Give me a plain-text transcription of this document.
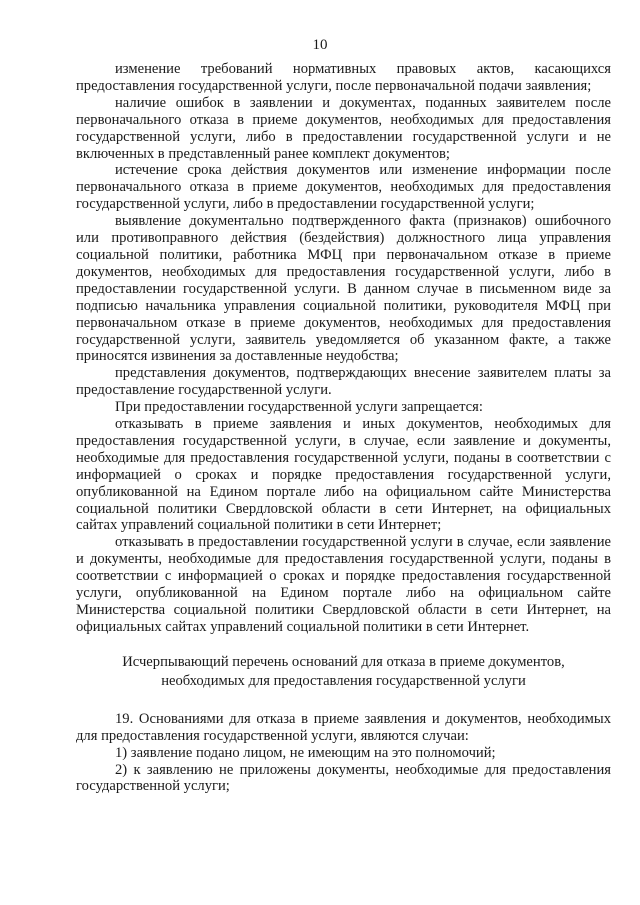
10

изменение требований нормативных правовых актов, касающихся предоставления государственной услуги, после первоначальной подачи заявления;

наличие ошибок в заявлении и документах, поданных заявителем после первоначального отказа в приеме документов, необходимых для предоставления государственной услуги, либо в предоставлении государственной услуги и не включенных в представленный ранее комплект документов;

истечение срока действия документов или изменение информации после первоначального отказа в приеме документов, необходимых для предоставления государственной услуги, либо в предоставлении государственной услуги;

выявление документально подтвержденного факта (признаков) ошибочного или противоправного действия (бездействия) должностного лица управления социальной политики, работника МФЦ при первоначальном отказе в приеме документов, необходимых для предоставления государственной услуги, либо в предоставлении государственной услуги. В данном случае в письменном виде за подписью начальника управления социальной политики, руководителя МФЦ при первоначальном отказе в приеме документов, необходимых для предоставления государственной услуги, заявитель уведомляется об указанном факте, а также приносятся извинения за доставленные неудобства;

представления документов, подтверждающих внесение заявителем платы за предоставление государственной услуги.

При предоставлении государственной услуги запрещается:

отказывать в приеме заявления и иных документов, необходимых для предоставления государственной услуги, в случае, если заявление и документы, необходимые для предоставления государственной услуги, поданы в соответствии с информацией о сроках и порядке предоставления государственной услуги, опубликованной на Едином портале либо на официальном сайте Министерства социальной политики Свердловской области в сети Интернет, на официальных сайтах управлений социальной политики в сети Интернет;

отказывать в предоставлении государственной услуги в случае, если заявление и документы, необходимые для предоставления государственной услуги, поданы в соответствии с информацией о сроках и порядке предоставления государственной услуги, опубликованной на Едином портале либо на официальном сайте Министерства социальной политики Свердловской области в сети Интернет, на официальных сайтах управлений социальной политики в сети Интернет.

Исчерпывающий перечень оснований для отказа в приеме документов,
необходимых для предоставления государственной услуги

19. Основаниями для отказа в приеме заявления и документов, необходимых для предоставления государственной услуги, являются случаи:

1) заявление подано лицом, не имеющим на это полномочий;

2) к заявлению не приложены документы, необходимые для предоставления государственной услуги;
